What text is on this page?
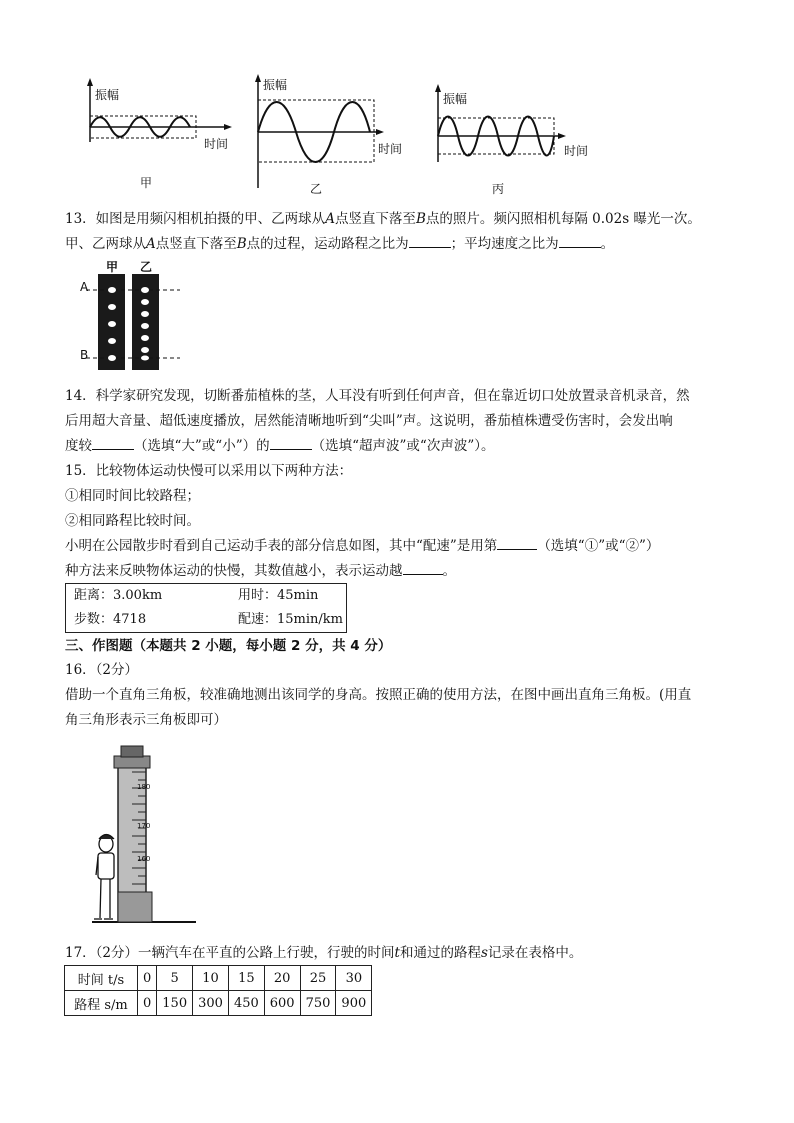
振幅
时间
甲
振幅
时间
乙
振幅
时间
丙
13．如图是用频闪相机拍摄的甲、乙两球从A点竖直下落至B点的照片。频闪照相机每隔 0.02s 曝光一次。
甲、乙两球从A点竖直下落至B点的过程，运动路程之比为	；平均速度之比为	。
甲 乙
A
B
14．科学家研究发现，切断番茄植株的茎，人耳没有听到任何声音，但在靠近切口处放置录音机录音，然
后用超大音量、超低速度播放，居然能清晰地听到“尖叫”声。这说明，番茄植株遭受伤害时，会发出响
度较	（选填“大”或“小”）的	（选填“超声波”或“次声波”）。
15．比较物体运动快慢可以采用以下两种方法：
①相同时间比较路程；
②相同路程比较时间。
小明在公园散步时看到自己运动手表的部分信息如图，其中“配速”是用第	（选填“①”或“②”）
种方法来反映物体运动的快慢，其数值越小，表示运动越	。
距离：3.00km	用时：45min
步数：4718	配速：15min/km
三、作图题（本题共 2 小题，每小题 2 分，共 4 分）
16．（2分）
借助一个直角三角板，较准确地测出该同学的身高。按照正确的使用方法，在图中画出直角三角板。(用直
角三角形表示三角板即可）
180
170
160
17．（2分）一辆汽车在平直的公路上行驶，行驶的时间t和通过的路程s记录在表格中。
时间 t/s	0	5	10	15	20	25	30
路程 s/m	0	150	300	450	600	750	900
